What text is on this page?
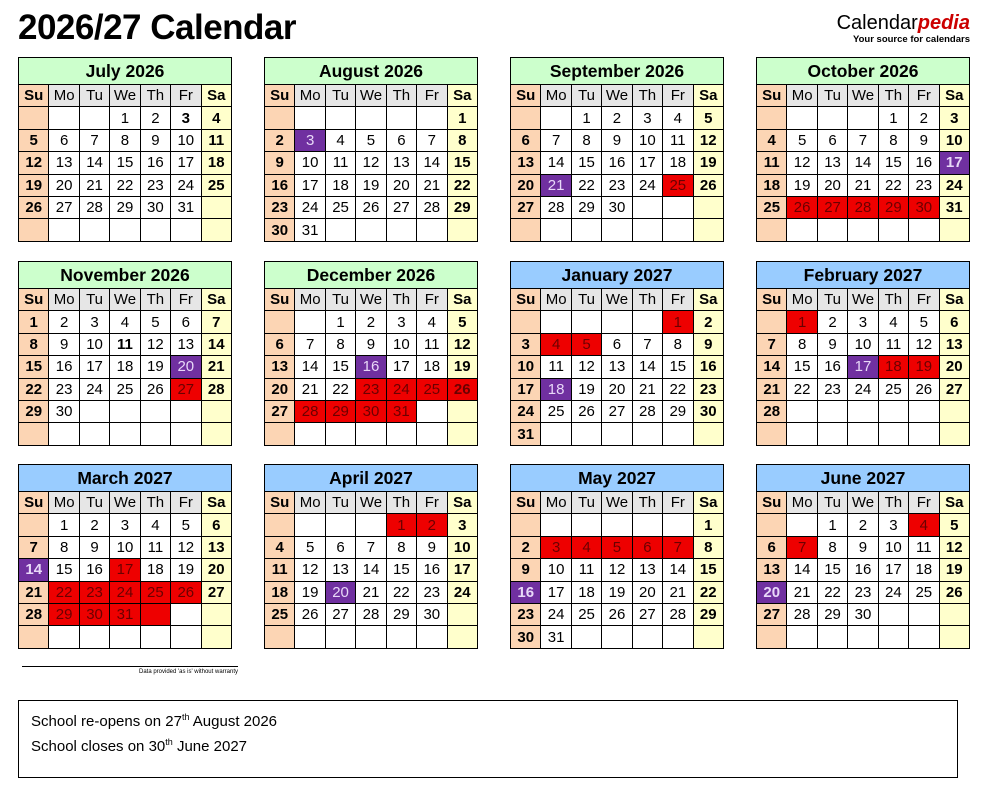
2026/27 Calendar	Calendarpedia
Your source for calendars
July 2026						
Su	Mo	Tu	We	Th	Fr	Sa
			1	2	3	4
5	6	7	8	9	10	11
12	13	14	15	16	17	18
19	20	21	22	23	24	25
26	27	28	29	30	31	

August 2026						
Su	Mo	Tu	We	Th	Fr	Sa
						1
2	3	4	5	6	7	8
9	10	11	12	13	14	15
16	17	18	19	20	21	22
23	24	25	26	27	28	29
30	31					
September 2026						
Su	Mo	Tu	We	Th	Fr	Sa
		1	2	3	4	5
6	7	8	9	10	11	12
13	14	15	16	17	18	19
20	21	22	23	24	25	26
27	28	29	30			

October 2026						
Su	Mo	Tu	We	Th	Fr	Sa
				1	2	3
4	5	6	7	8	9	10
11	12	13	14	15	16	17
18	19	20	21	22	23	24
25	26	27	28	29	30	31

November 2026						
Su	Mo	Tu	We	Th	Fr	Sa
1	2	3	4	5	6	7
8	9	10	11	12	13	14
15	16	17	18	19	20	21
22	23	24	25	26	27	28
29	30					

December 2026						
Su	Mo	Tu	We	Th	Fr	Sa
		1	2	3	4	5
6	7	8	9	10	11	12
13	14	15	16	17	18	19
20	21	22	23	24	25	26
27	28	29	30	31		

January 2027						
Su	Mo	Tu	We	Th	Fr	Sa
					1	2
3	4	5	6	7	8	9
10	11	12	13	14	15	16
17	18	19	20	21	22	23
24	25	26	27	28	29	30
31						
February 2027						
Su	Mo	Tu	We	Th	Fr	Sa
	1	2	3	4	5	6
7	8	9	10	11	12	13
14	15	16	17	18	19	20
21	22	23	24	25	26	27
28						

March 2027						
Su	Mo	Tu	We	Th	Fr	Sa
	1	2	3	4	5	6
7	8	9	10	11	12	13
14	15	16	17	18	19	20
21	22	23	24	25	26	27
28	29	30	31			

April 2027						
Su	Mo	Tu	We	Th	Fr	Sa
				1	2	3
4	5	6	7	8	9	10
11	12	13	14	15	16	17
18	19	20	21	22	23	24
25	26	27	28	29	30	

May 2027						
Su	Mo	Tu	We	Th	Fr	Sa
						1
2	3	4	5	6	7	8
9	10	11	12	13	14	15
16	17	18	19	20	21	22
23	24	25	26	27	28	29
30	31					
June 2027						
Su	Mo	Tu	We	Th	Fr	Sa
		1	2	3	4	5
6	7	8	9	10	11	12
13	14	15	16	17	18	19
20	21	22	23	24	25	26
27	28	29	30			

Data provided 'as is' without warranty
School re-opens on 27th August 2026
School closes on 30th June 2027
